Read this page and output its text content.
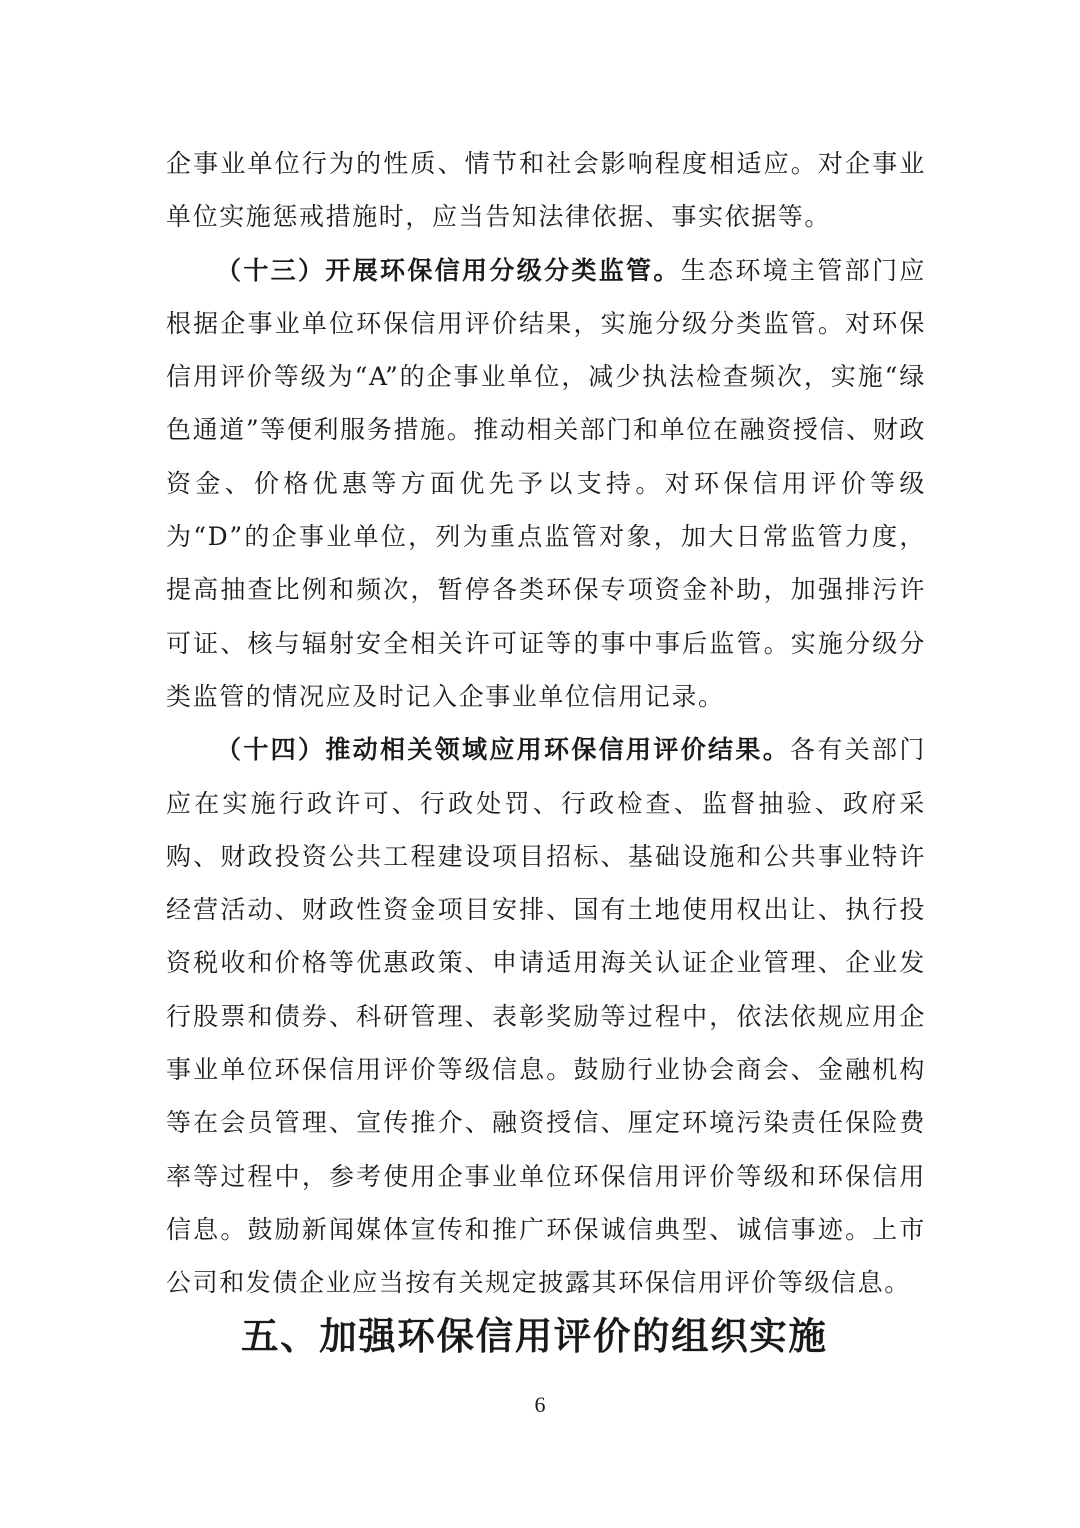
企事业单位行为的性质、情节和社会影响程度相适应。对企事业单位实施惩戒措施时，应当告知法律依据、事实依据等。

（十三）开展环保信用分级分类监管。生态环境主管部门应根据企事业单位环保信用评价结果，实施分级分类监管。对环保信用评价等级为“A”的企事业单位，减少执法检查频次，实施“绿色通道”等便利服务措施。推动相关部门和单位在融资授信、财政资金、价格优惠等方面优先予以支持。对环保信用评价等级为“D”的企事业单位，列为重点监管对象，加大日常监管力度，提高抽查比例和频次，暂停各类环保专项资金补助，加强排污许可证、核与辐射安全相关许可证等的事中事后监管。实施分级分类监管的情况应及时记入企事业单位信用记录。

（十四）推动相关领域应用环保信用评价结果。各有关部门应在实施行政许可、行政处罚、行政检查、监督抽验、政府采购、财政投资公共工程建设项目招标、基础设施和公共事业特许经营活动、财政性资金项目安排、国有土地使用权出让、执行投资税收和价格等优惠政策、申请适用海关认证企业管理、企业发行股票和债券、科研管理、表彰奖励等过程中，依法依规应用企事业单位环保信用评价等级信息。鼓励行业协会商会、金融机构等在会员管理、宣传推介、融资授信、厘定环境污染责任保险费率等过程中，参考使用企事业单位环保信用评价等级和环保信用信息。鼓励新闻媒体宣传和推广环保诚信典型、诚信事迹。上市公司和发债企业应当按有关规定披露其环保信用评价等级信息。

五、加强环保信用评价的组织实施
6
